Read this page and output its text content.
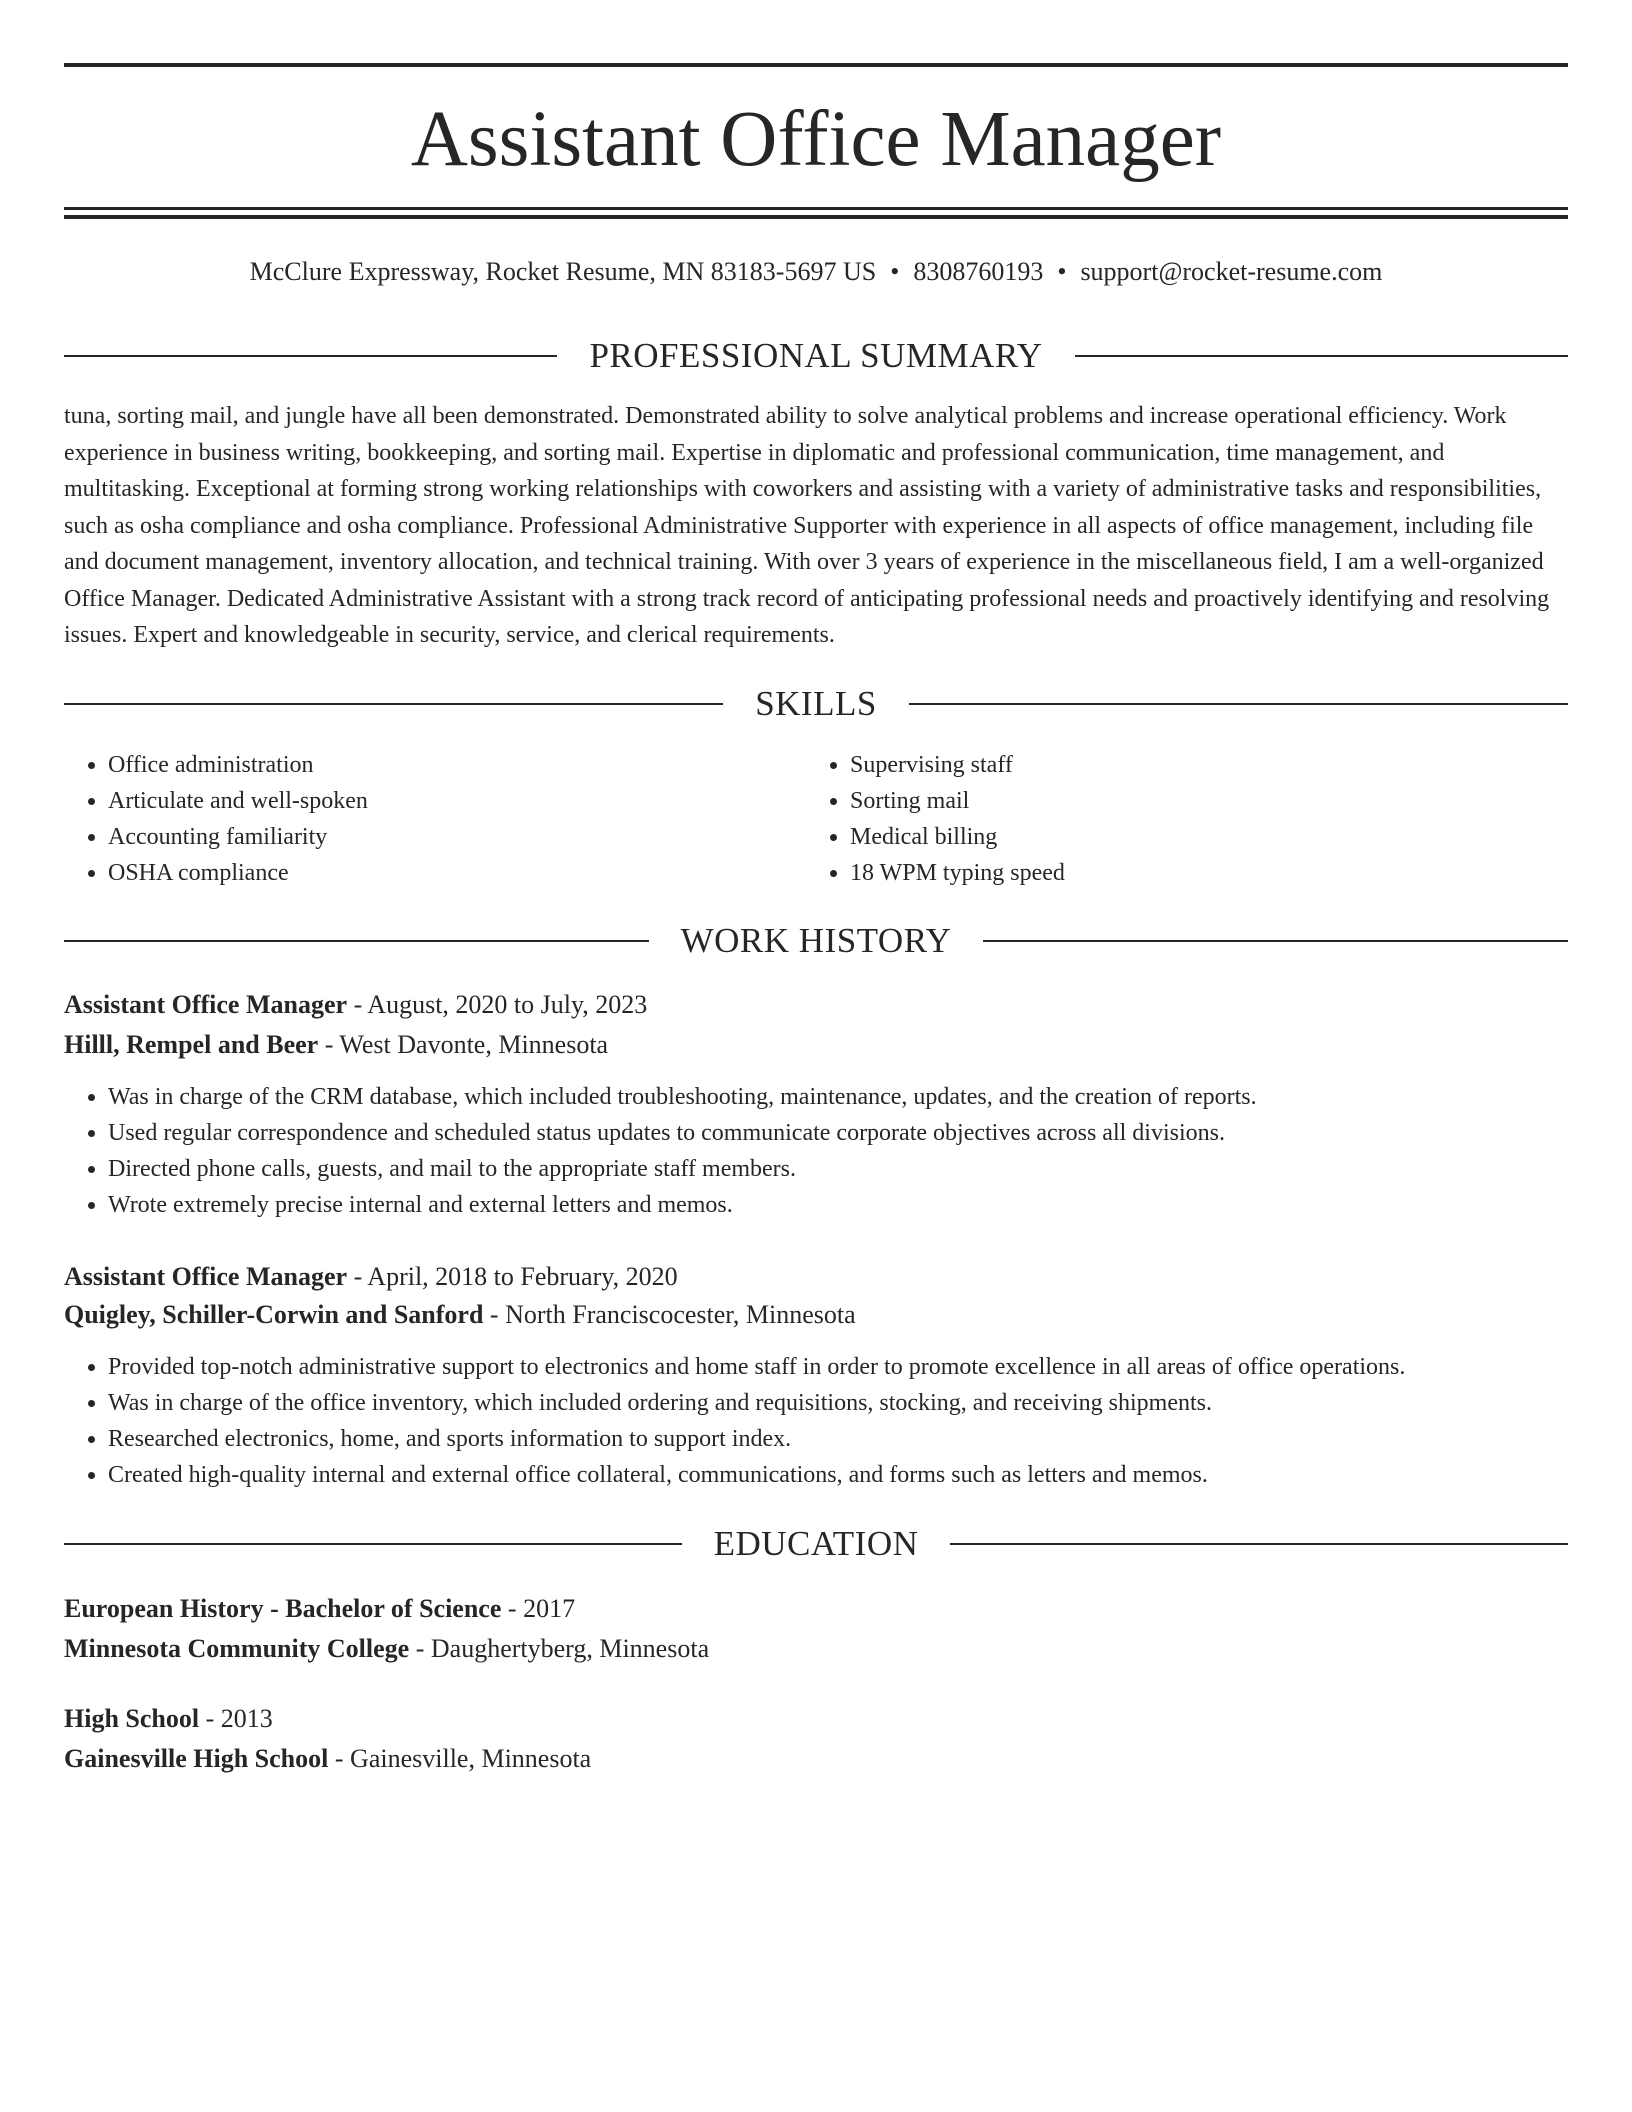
Assistant Office Manager
McClure Expressway, Rocket Resume, MN 83183-5697 US • 8308760193 • support@rocket-resume.com
PROFESSIONAL SUMMARY

tuna, sorting mail, and jungle have all been demonstrated. Demonstrated ability to solve analytical problems and increase operational efficiency. Work experience in business writing, bookkeeping, and sorting mail. Expertise in diplomatic and professional communication, time management, and multitasking. Exceptional at forming strong working relationships with coworkers and assisting with a variety of administrative tasks and responsibilities, such as osha compliance and osha compliance. Professional Administrative Supporter with experience in all aspects of office management, including file and document management, inventory allocation, and technical training. With over 3 years of experience in the miscellaneous field, I am a well-organized Office Manager. Dedicated Administrative Assistant with a strong track record of anticipating professional needs and proactively identifying and resolving issues. Expert and knowledgeable in security, service, and clerical requirements.

SKILLS
• Office administration
• Articulate and well-spoken
• Accounting familiarity
• OSHA compliance
• Supervising staff
• Sorting mail
• Medical billing
• 18 WPM typing speed
WORK HISTORY
Assistant Office Manager - August, 2020 to July, 2023
Hilll, Rempel and Beer - West Davonte, Minnesota
• Was in charge of the CRM database, which included troubleshooting, maintenance, updates, and the creation of reports.
• Used regular correspondence and scheduled status updates to communicate corporate objectives across all divisions.
• Directed phone calls, guests, and mail to the appropriate staff members.
• Wrote extremely precise internal and external letters and memos.
Assistant Office Manager - April, 2018 to February, 2020
Quigley, Schiller-Corwin and Sanford - North Franciscocester, Minnesota
• Provided top-notch administrative support to electronics and home staff in order to promote excellence in all areas of office operations.
• Was in charge of the office inventory, which included ordering and requisitions, stocking, and receiving shipments.
• Researched electronics, home, and sports information to support index.
• Created high-quality internal and external office collateral, communications, and forms such as letters and memos.
EDUCATION
European History - Bachelor of Science - 2017
Minnesota Community College - Daughertyberg, Minnesota
High School - 2013
Gainesville High School - Gainesville, Minnesota
